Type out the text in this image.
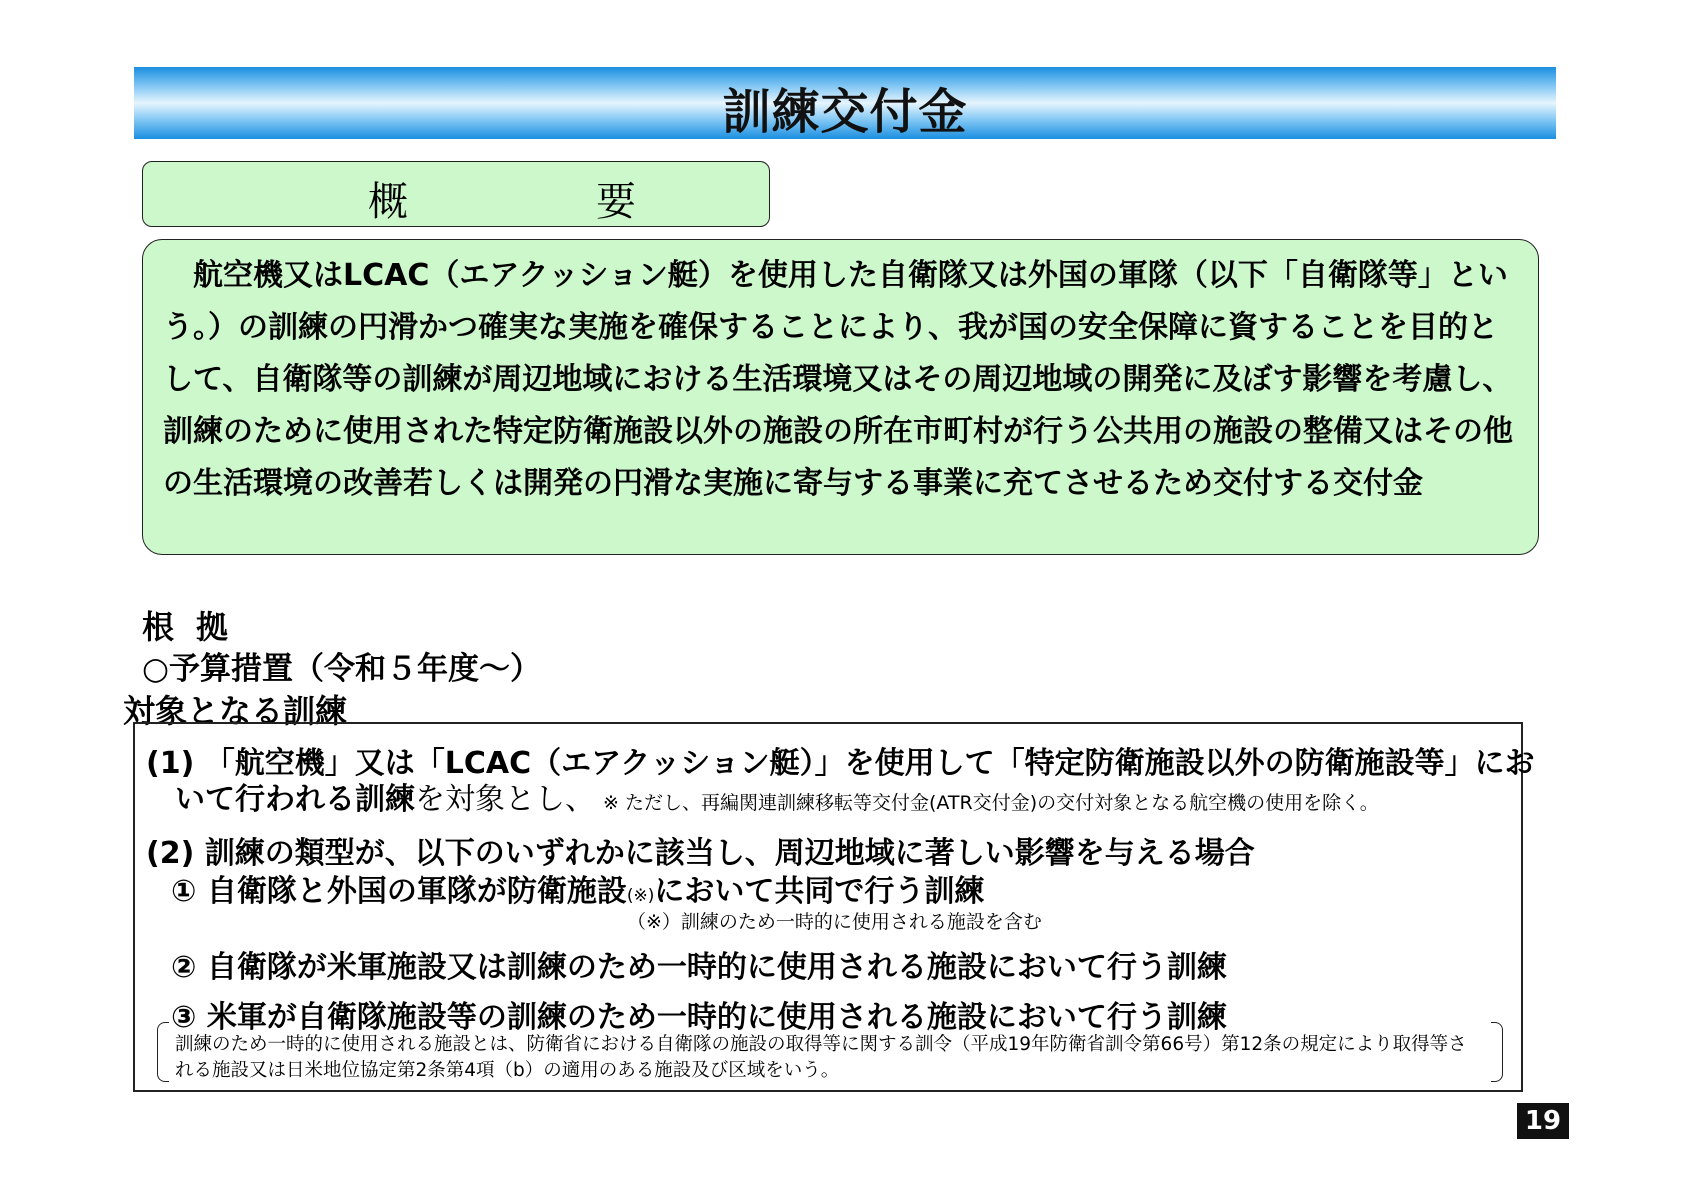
訓練交付金
概　要

　航空機又はLCAC（エアクッション艇）を使用した自衛隊又は外国の軍隊（以下「自衛隊等」という。）の訓練の円滑かつ確実な実施を確保することにより、我が国の安全保障に資することを目的として、自衛隊等の訓練が周辺地域における生活環境又はその周辺地域の開発に及ぼす影響を考慮し、訓練のために使用された特定防衛施設以外の施設の所在市町村が行う公共用の施設の整備又はその他の生活環境の改善若しくは開発の円滑な実施に寄与する事業に充てさせるため交付する交付金

根拠
○予算措置（令和５年度～）
対象となる訓練
(1) 「航空機」又は「LCAC（エアクッション艇）」を使用して「特定防衛施設以外の防衛施設等」にお
いて行われる訓練を対象とし、 ※ ただし、再編関連訓練移転等交付金(ATR交付金)の交付対象となる航空機の使用を除く。
(2) 訓練の類型が、以下のいずれかに該当し、周辺地域に著しい影響を与える場合
① 自衛隊と外国の軍隊が防衛施設(※)において共同で行う訓練
（※）訓練のため一時的に使用される施設を含む
② 自衛隊が米軍施設又は訓練のため一時的に使用される施設において行う訓練
③ 米軍が自衛隊施設等の訓練のため一時的に使用される施設において行う訓練

訓練のため一時的に使用される施設とは、防衛省における自衛隊の施設の取得等に関する訓令（平成19年防衛省訓令第66号）第12条の規定により取得等される施設又は日米地位協定第2条第4項（b）の適用のある施設及び区域をいう。

19
